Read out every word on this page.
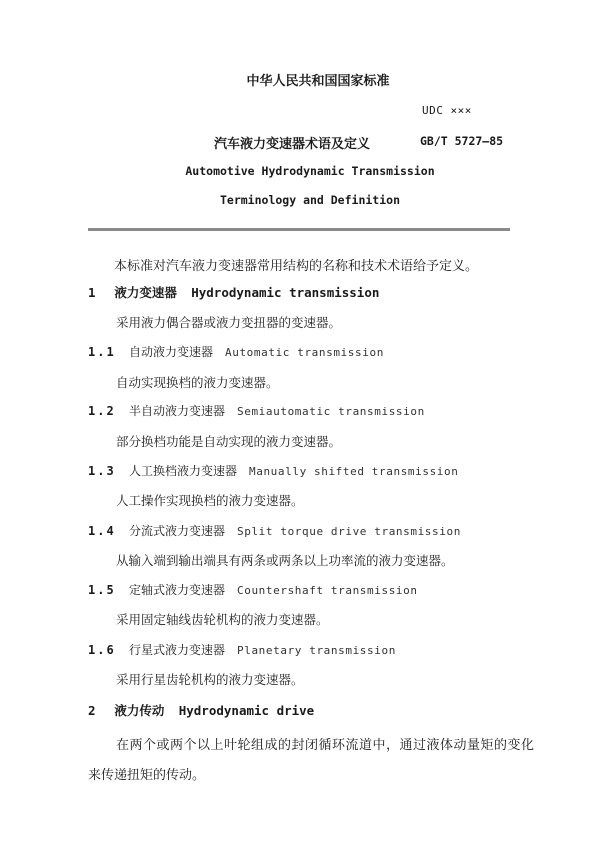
中华人民共和国国家标准
UDC ×××
汽车液力变速器术语及定义	GB/T 5727—85
Automotive Hydrodynamic Transmission
Terminology and Definition
本标准对汽车液力变速器常用结构的名称和技术术语给予定义。
1 液力变速器 Hydrodynamic transmission
采用液力偶合器或液力变扭器的变速器。
1.1 自动液力变速器 Automatic transmission
自动实现换档的液力变速器。
1.2 半自动液力变速器 Semiautomatic transmission
部分换档功能是自动实现的液力变速器。
1.3 人工换档液力变速器 Manually shifted transmission
人工操作实现换档的液力变速器。
1.4 分流式液力变速器 Split torque drive transmission
从输入端到输出端具有两条或两条以上功率流的液力变速器。
1.5 定轴式液力变速器 Countershaft transmission
采用固定轴线齿轮机构的液力变速器。
1.6 行星式液力变速器 Planetary transmission
采用行星齿轮机构的液力变速器。
2 液力传动 Hydrodynamic drive
在两个或两个以上叶轮组成的封闭循环流道中，通过液体动量矩的变化
来传递扭矩的传动。
